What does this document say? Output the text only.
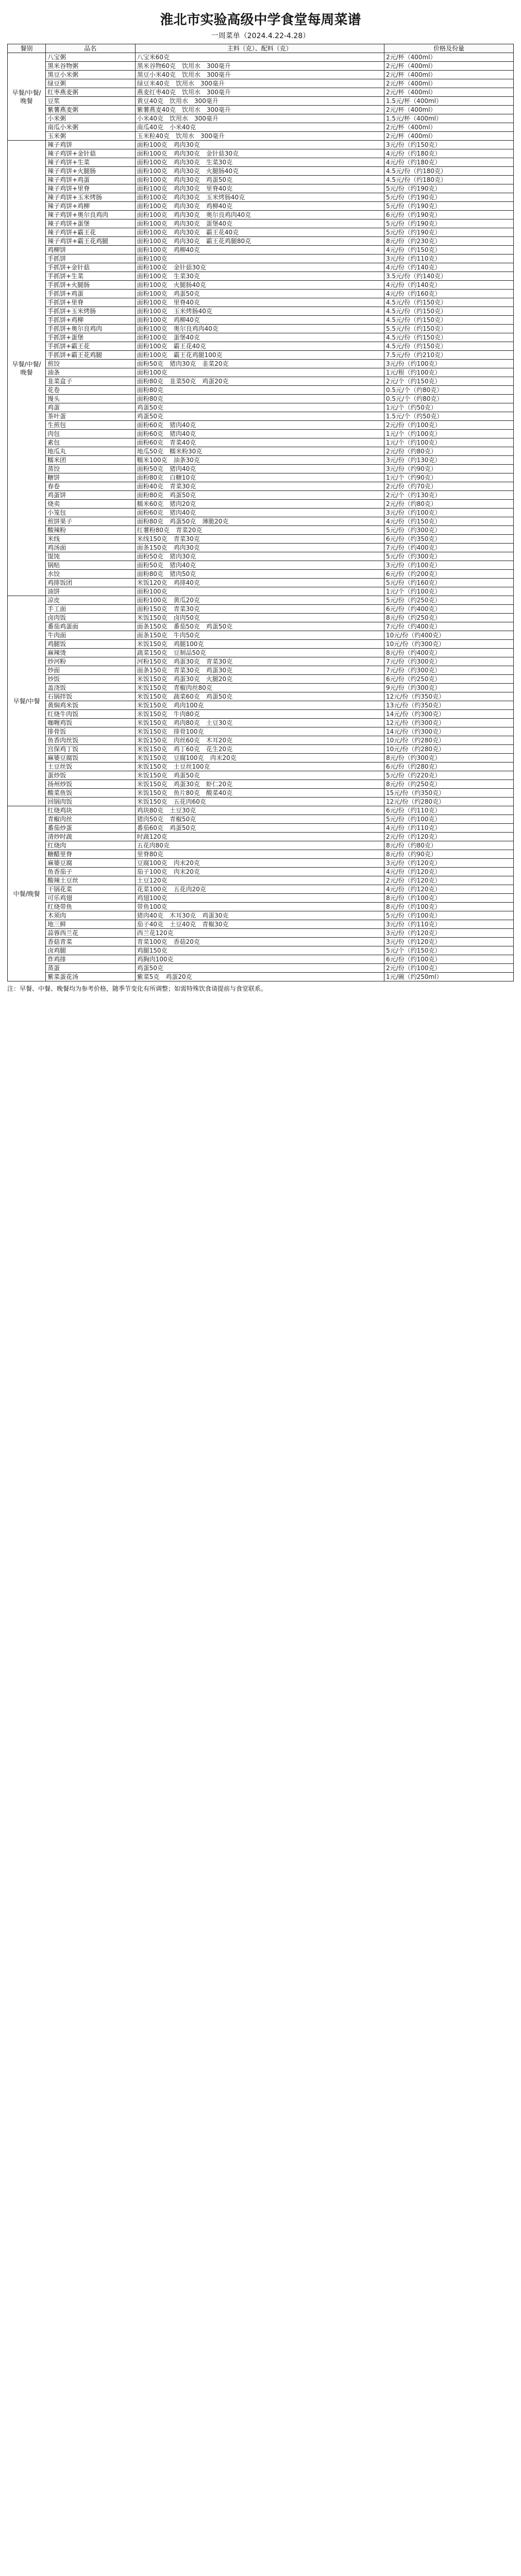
淮北市实验高级中学食堂每周菜谱
一周菜单（2024.4.22-4.28）
餐别	品名	主料（克）、配料（克）	价格及份量
早餐/中餐/晚餐	八宝粥	八宝米60克	2元/杯（400ml）
	黑米谷物粥	黑米谷物60克　饮用水　300毫升	2元/杯（400ml）
	黑豆小米粥	黑豆小米40克　饮用水　300毫升	2元/杯（400ml）
	绿豆粥	绿豆米40克　饮用水　300毫升	2元/杯（400ml）
	红枣燕麦粥	燕麦红枣40克　饮用水　300毫升	2元/杯（400ml）
	豆浆	黄豆40克　饮用水　300毫升	1.5元/杯（400ml）
	紫薯燕麦粥	紫薯燕麦40克　饮用水　300毫升	2元/杯（400ml）
	小米粥	小米40克　饮用水　300毫升	1.5元/杯（400ml）
	南瓜小米粥	南瓜40克　小米40克	2元/杯（400ml）
	玉米粥	玉米粒40克　饮用水　300毫升	2元/杯（400ml）
早餐/中餐/晚餐	辣子鸡饼	面粉100克　鸡肉30克	3元/份（约150克）
	辣子鸡饼+金针菇	面粉100克　鸡肉30克　金针菇30克	4元/份（约180克）
	辣子鸡饼+生菜	面粉100克　鸡肉30克　生菜30克	4元/份（约180克）
	辣子鸡饼+火腿肠	面粉100克　鸡肉30克　火腿肠40克	4.5元/份（约180克）
	辣子鸡饼+鸡蛋	面粉100克　鸡肉30克　鸡蛋50克	4.5元/份（约180克）
	辣子鸡饼+里脊	面粉100克　鸡肉30克　里脊40克	5元/份（约190克）
	辣子鸡饼+玉米烤肠	面粉100克　鸡肉30克　玉米烤肠40克	5元/份（约190克）
	辣子鸡饼+鸡柳	面粉100克　鸡肉30克　鸡柳40克	5元/份（约190克）
	辣子鸡饼+奥尔良鸡肉	面粉100克　鸡肉30克　奥尔良鸡肉40克	6元/份（约190克）
	辣子鸡饼+蛋堡	面粉100克　鸡肉30克　蛋堡40克	5元/份（约190克）
	辣子鸡饼+霸王花	面粉100克　鸡肉30克　霸王花40克	5元/份（约190克）
	辣子鸡饼+霸王花鸡腿	面粉100克　鸡肉30克　霸王花鸡腿80克	8元/份（约230克）
	鸡柳饼	面粉100克　鸡柳40克	4元/份（约150克）
	手抓饼	面粉100克	3元/份（约110克）
	手抓饼+金针菇	面粉100克　金针菇30克	4元/份（约140克）
	手抓饼+生菜	面粉100克　生菜30克	3.5元/份（约140克）
	手抓饼+火腿肠	面粉100克　火腿肠40克	4元/份（约140克）
	手抓饼+鸡蛋	面粉100克　鸡蛋50克	4元/份（约160克）
	手抓饼+里脊	面粉100克　里脊40克	4.5元/份（约150克）
	手抓饼+玉米烤肠	面粉100克　玉米烤肠40克	4.5元/份（约150克）
	手抓饼+鸡柳	面粉100克　鸡柳40克	4.5元/份（约150克）
	手抓饼+奥尔良鸡肉	面粉100克　奥尔良鸡肉40克	5.5元/份（约150克）
	手抓饼+蛋堡	面粉100克　蛋堡40克	4.5元/份（约150克）
	手抓饼+霸王花	面粉100克　霸王花40克	4.5元/份（约150克）
	手抓饼+霸王花鸡腿	面粉100克　霸王花鸡腿100克	7.5元/份（约210克）
	煎饺	面粉50克　猪肉30克　韭菜20克	3元/份（约100克）
	油条	面粉100克	1元/根（约100克）
	韭菜盒子	面粉80克　韭菜50克　鸡蛋20克	2元/个（约150克）
	花卷	面粉80克	0.5元/个（约80克）
	馒头	面粉80克	0.5元/个（约80克）
	鸡蛋	鸡蛋50克	1元/个（约50克）
	茶叶蛋	鸡蛋50克	1.5元/个（约50克）
	生煎包	面粉60克　猪肉40克	2元/份（约100克）
	肉包	面粉60克　猪肉40克	1元/个（约100克）
	素包	面粉60克　青菜40克	1元/个（约100克）
	地瓜丸	地瓜50克　糯米粉30克	2元/份（约80克）
	糯米团	糯米100克　油条30克	3元/份（约130克）
	蒸饺	面粉50克　猪肉40克	3元/份（约90克）
	糖饼	面粉80克　白糖10克	1元/个（约90克）
	春卷	面粉40克　青菜30克	2元/份（约70克）
	鸡蛋饼	面粉80克　鸡蛋50克	2元/个（约130克）
	烧卖	糯米60克　猪肉20克	2元/份（约80克）
	小笼包	面粉60克　猪肉40克	3元/份（约100克）
	煎饼果子	面粉80克　鸡蛋50克　薄脆20克	4元/份（约150克）
	酸辣粉	红薯粉80克　青菜20克	5元/份（约300克）
	米线	米线150克　青菜30克	6元/份（约350克）
	鸡汤面	面条150克　鸡肉30克	7元/份（约400克）
	馄饨	面粉50克　猪肉30克	5元/份（约300克）
	锅贴	面粉50克　猪肉40克	3元/份（约100克）
	水饺	面粉80克　猪肉50克	6元/份（约200克）
	鸡排饭团	米饭120克　鸡排40克	5元/份（约160克）
	油饼	面粉100克	1元/个（约100克）
早餐/中餐	凉皮	面粉100克　黄瓜20克	5元/份（约250克）
	手工面	面粉150克　青菜30克	6元/份（约400克）
	卤肉饭	米饭150克　卤肉50克	8元/份（约250克）
	番茄鸡蛋面	面条150克　番茄50克　鸡蛋50克	7元/份（约400克）
	牛肉面	面条150克　牛肉50克	10元/份（约400克）
	鸡腿饭	米饭150克　鸡腿100克	10元/份（约300克）
	麻辣烫	蔬菜150克　豆制品50克	8元/份（约400克）
	炒河粉	河粉150克　鸡蛋30克　青菜30克	7元/份（约300克）
	炒面	面条150克　青菜30克　鸡蛋30克	7元/份（约300克）
	炒饭	米饭150克　鸡蛋30克　火腿20克	6元/份（约250克）
	盖浇饭	米饭150克　青椒肉丝80克	9元/份（约300克）
	石锅拌饭	米饭150克　蔬菜60克　鸡蛋50克	12元/份（约350克）
	黄焖鸡米饭	米饭150克　鸡肉100克	13元/份（约350克）
	红烧牛肉饭	米饭150克　牛肉80克	14元/份（约300克）
	咖喱鸡饭	米饭150克　鸡肉80克　土豆30克	12元/份（约300克）
	排骨饭	米饭150克　排骨100克	14元/份（约300克）
	鱼香肉丝饭	米饭150克　肉丝60克　木耳20克	10元/份（约280克）
	宫保鸡丁饭	米饭150克　鸡丁60克　花生20克	10元/份（约280克）
	麻婆豆腐饭	米饭150克　豆腐100克　肉末20克	8元/份（约300克）
	土豆丝饭	米饭150克　土豆丝100克	6元/份（约280克）
	蛋炒饭	米饭150克　鸡蛋50克	5元/份（约220克）
	扬州炒饭	米饭150克　鸡蛋30克　虾仁20克	8元/份（约250克）
	酸菜鱼饭	米饭150克　鱼片80克　酸菜40克	15元/份（约350克）
	回锅肉饭	米饭150克　五花肉60克	12元/份（约280克）
中餐/晚餐	红烧鸡块	鸡块80克　土豆30克	6元/份（约110克）
	青椒肉丝	猪肉50克　青椒50克	5元/份（约100克）
	番茄炒蛋	番茄60克　鸡蛋50克	4元/份（约110克）
	清炒时蔬	时蔬120克	2元/份（约120克）
	红烧肉	五花肉80克	8元/份（约80克）
	糖醋里脊	里脊80克	8元/份（约90克）
	麻婆豆腐	豆腐100克　肉末20克	3元/份（约120克）
	鱼香茄子	茄子100克　肉末20克	4元/份（约120克）
	酸辣土豆丝	土豆120克	2元/份（约120克）
	干锅花菜	花菜100克　五花肉20克	4元/份（约120克）
	可乐鸡翅	鸡翅100克	8元/份（约100克）
	红烧带鱼	带鱼100克	8元/份（约100克）
	木须肉	猪肉40克　木耳30克　鸡蛋30克	5元/份（约100克）
	地三鲜	茄子40克　土豆40克　青椒30克	3元/份（约110克）
	蒜蓉西兰花	西兰花120克	3元/份（约120克）
	香菇青菜	青菜100克　香菇20克	3元/份（约120克）
	卤鸡腿	鸡腿150克	5元/个（约150克）
	炸鸡排	鸡胸肉100克	6元/份（约100克）
	蒸蛋	鸡蛋50克	2元/份（约100克）
	紫菜蛋花汤	紫菜5克　鸡蛋20克	1元/碗（约250ml）
注：早餐、中餐、晚餐均为参考价格，随季节变化有所调整；如需特殊饮食请提前与食堂联系。
